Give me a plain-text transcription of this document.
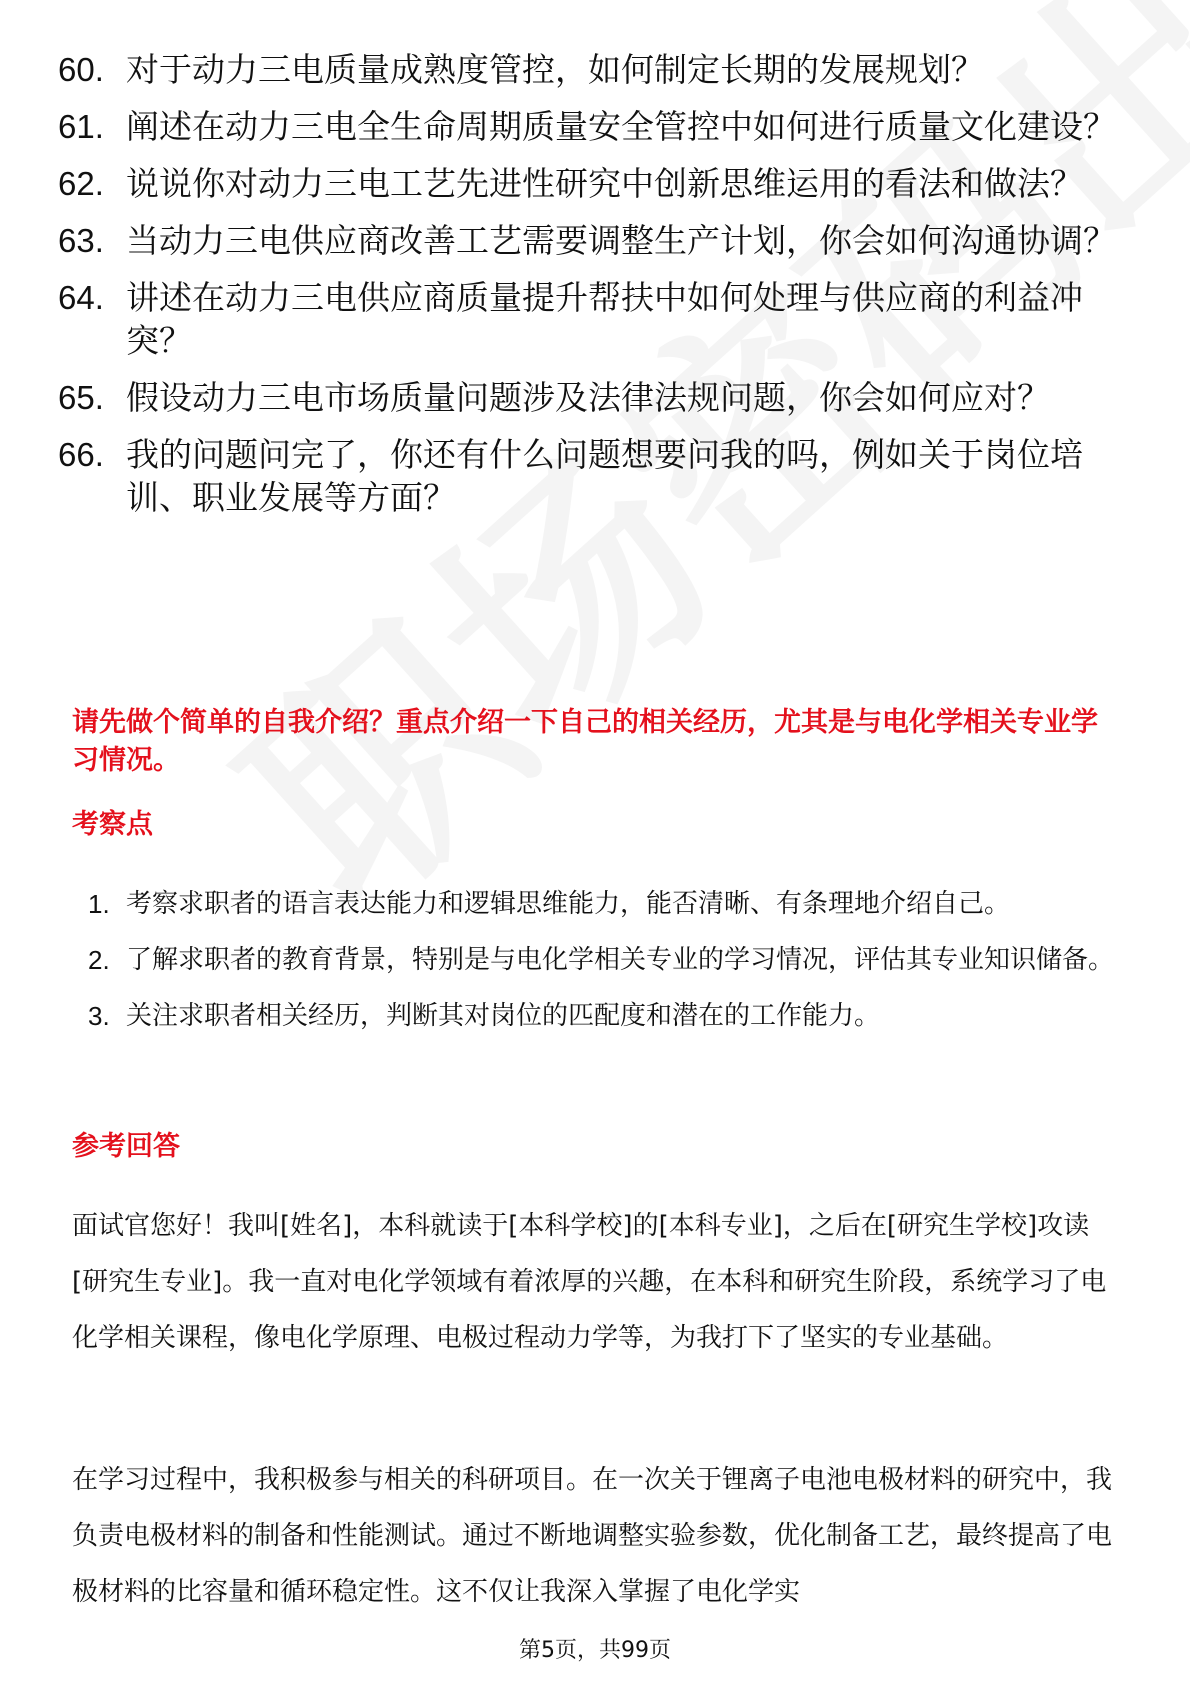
60. 对于动力三电质量成熟度管控，如何制定长期的发展规划？
61. 阐述在动力三电全生命周期质量安全管控中如何进行质量文化建设？
62. 说说你对动力三电工艺先进性研究中创新思维运用的看法和做法？
63. 当动力三电供应商改善工艺需要调整生产计划，你会如何沟通协调？
64. 讲述在动力三电供应商质量提升帮扶中如何处理与供应商的利益冲突？
65. 假设动力三电市场质量问题涉及法律法规问题，你会如何应对？
66. 我的问题问完了，你还有什么问题想要问我的吗，例如关于岗位培训、职业发展等方面？

请先做个简单的自我介绍？重点介绍一下自己的相关经历，尤其是与电化学相关专业学习情况。

考察点

1. 考察求职者的语言表达能力和逻辑思维能力，能否清晰、有条理地介绍自己。
2. 了解求职者的教育背景，特别是与电化学相关专业的学习情况，评估其专业知识储备。
3. 关注求职者相关经历，判断其对岗位的匹配度和潜在的工作能力。

参考回答

面试官您好！我叫[姓名]，本科就读于[本科学校]的[本科专业]，之后在[研究生学校]攻读[研究生专业]。我一直对电化学领域有着浓厚的兴趣，在本科和研究生阶段，系统学习了电化学相关课程，像电化学原理、电极过程动力学等，为我打下了坚实的专业基础。

在学习过程中，我积极参与相关的科研项目。在一次关于锂离子电池电极材料的研究中，我负责电极材料的制备和性能测试。通过不断地调整实验参数，优化制备工艺，最终提高了电极材料的比容量和循环稳定性。这不仅让我深入掌握了电化学实

第5页，共99页
